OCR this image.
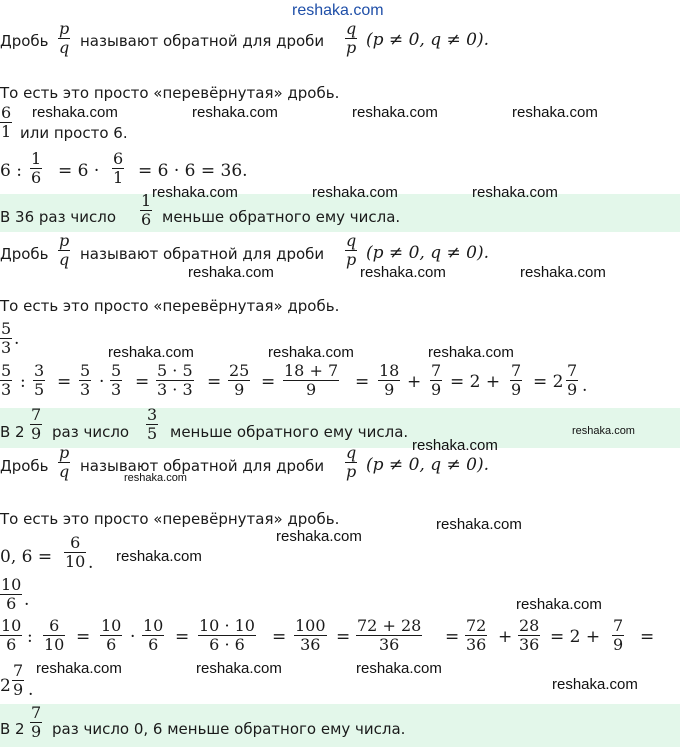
reshaka.com
Дробь $\frac{p}{q}$ называют обратной для дроби $\frac{q}{p} (p \ne 0$, q ≠ 0).
То есть это просто «перевёрнутая» дробь.
$\frac{6}{1}$ или просто 6.
6 : $\frac{1}{6} = 6 \cdot \frac{6}{1} = 6 \cdot 6 = 36$.
В 36 раз число $\frac{1}{6}$ меньше обратного ему числа.
Дробь $\frac{p}{q}$ называют обратной для дроби $\frac{q}{p} (p \ne 0$, q ≠ 0).
То есть это просто «перевёрнутая» дробь.
$\frac{5}{3}$ .
$\frac{5}{3}$ : $\frac{3}{5} = \frac{5}{3} \cdot \frac{5}{3} = \frac{5 \cdot 5}{3 \cdot 3} = \frac{25}{9} = \frac{18 + 7}{9} = \frac{18}{9} + \frac{7}{9} = 2 + \frac{7}{9} = 2 \frac{7}{9}$ .
В $2 \frac{7}{9}$ раз число $\frac{3}{5}$ меньше обратного ему числа.
Дробь $\frac{p}{q}$ называют обратной для дроби $\frac{q}{p} (p \ne 0$, q ≠ 0).
То есть это просто «перевёрнутая» дробь.
0, $6 = \frac{6}{10}$ .
$\frac{10}{6}$ .
$\frac{10}{6}$ : $\frac{6}{10} = \frac{10}{6} \cdot \frac{10}{6} = \frac{10 \cdot 10}{6 \cdot 6} = \frac{100}{36} = \frac{72 + 28}{36} = \frac{72}{36} + \frac{28}{36} = 2 + \frac{7}{9}$ =
$2 \frac{7}{9}$ .
В $2 \frac{7}{9}$ раз число 0, 6 меньше обратного ему числа.
reshaka.com	reshaka.com	reshaka.com	reshaka.com
reshaka.com	reshaka.com	reshaka.com
reshaka.com	reshaka.com	reshaka.com
reshaka.com	reshaka.com	reshaka.com
reshaka.com
reshaka.com
reshaka.com
reshaka.com
reshaka.com
reshaka.com
reshaka.com
reshaka.com	reshaka.com	reshaka.com
reshaka.com
